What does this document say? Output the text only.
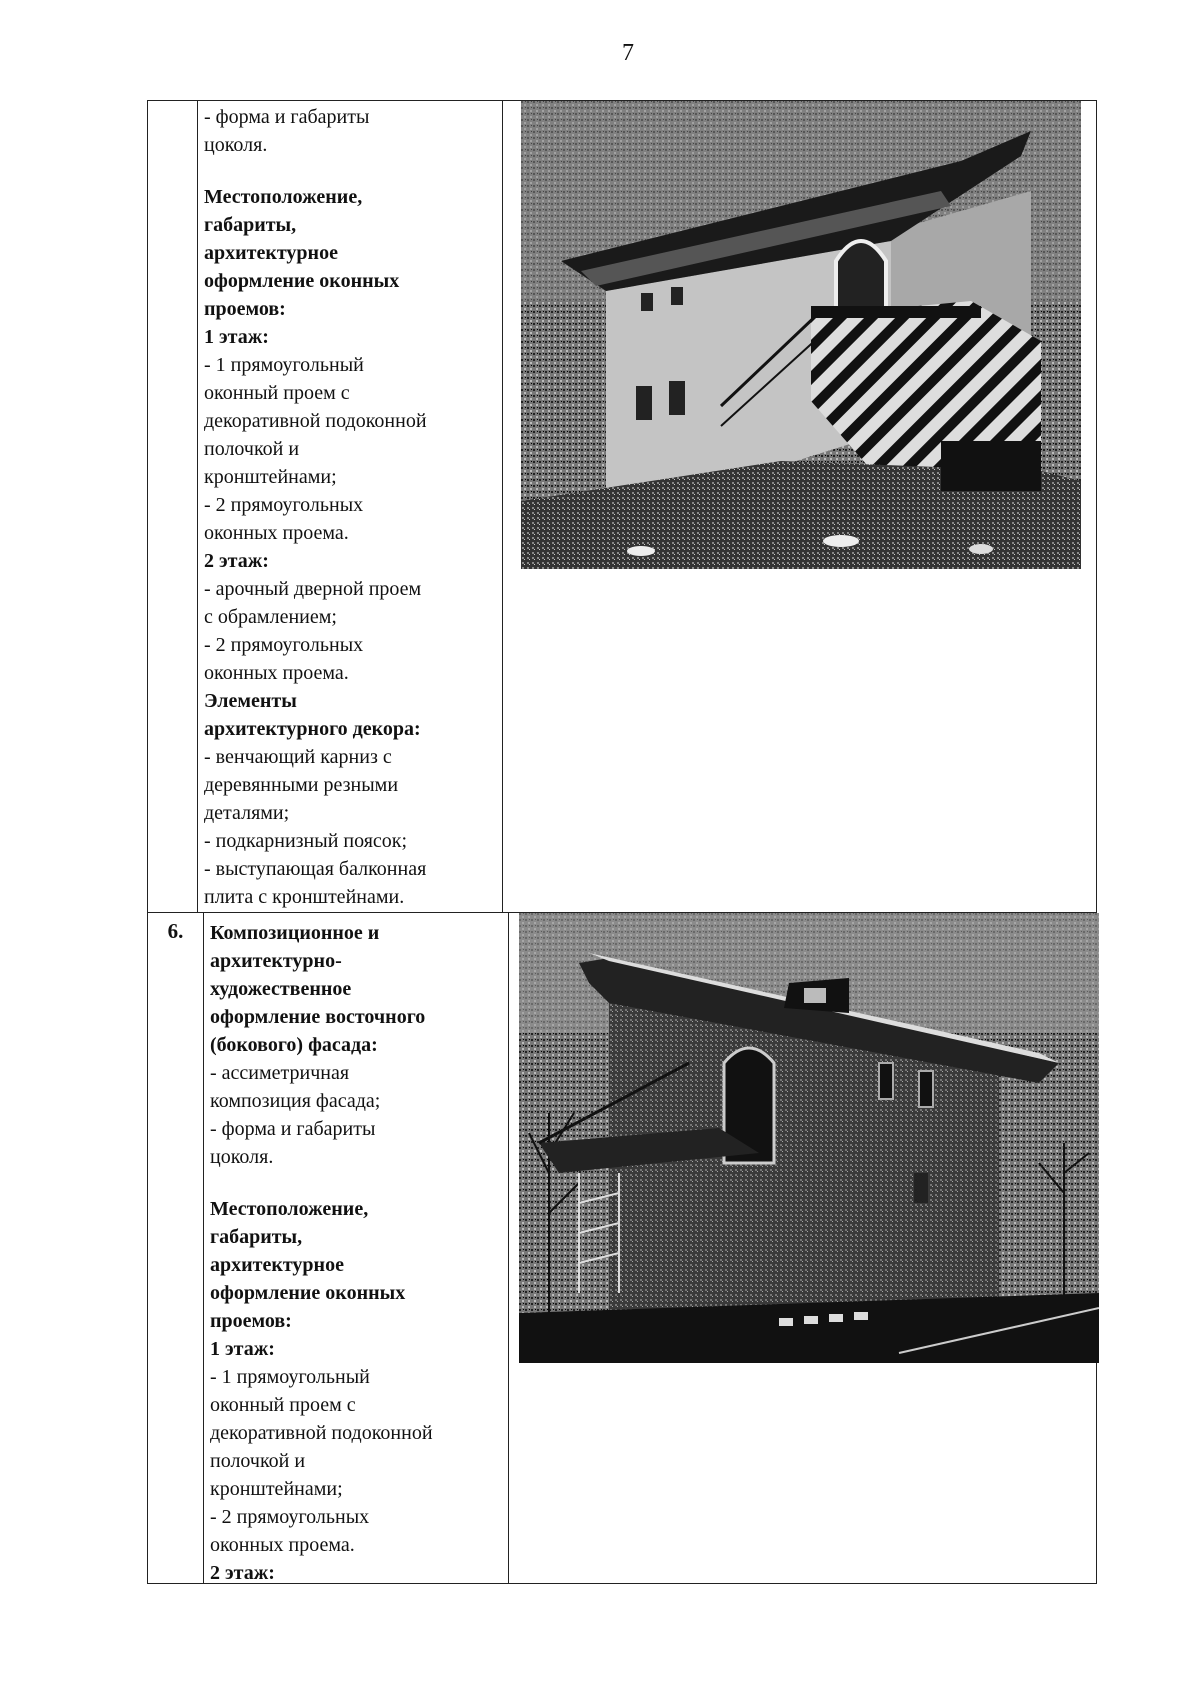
7
- форма и габариты
цоколя.
Местоположение,
габариты,
архитектурное
оформление оконных
проемов:
1 этаж:
- 1 прямоугольный
оконный проем с
декоративной подоконной
полочкой и
кронштейнами;
- 2 прямоугольных
оконных проема.
2 этаж:
- арочный дверной проем
с обрамлением;
- 2 прямоугольных
оконных проема.
Элементы
архитектурного декора:
- венчающий карниз с
деревянными резными
деталями;
- подкарнизный поясок;
- выступающая балконная
плита с кронштейнами.
6.	Композиционное и
архитектурно-
художественное
оформление восточного
(бокового) фасада:
- ассиметричная
композиция фасада;
- форма и габариты
цоколя.
Местоположение,
габариты,
архитектурное
оформление оконных
проемов:
1 этаж:
- 1 прямоугольный
оконный проем с
декоративной подоконной
полочкой и
кронштейнами;
- 2 прямоугольных
оконных проема.
2 этаж:
